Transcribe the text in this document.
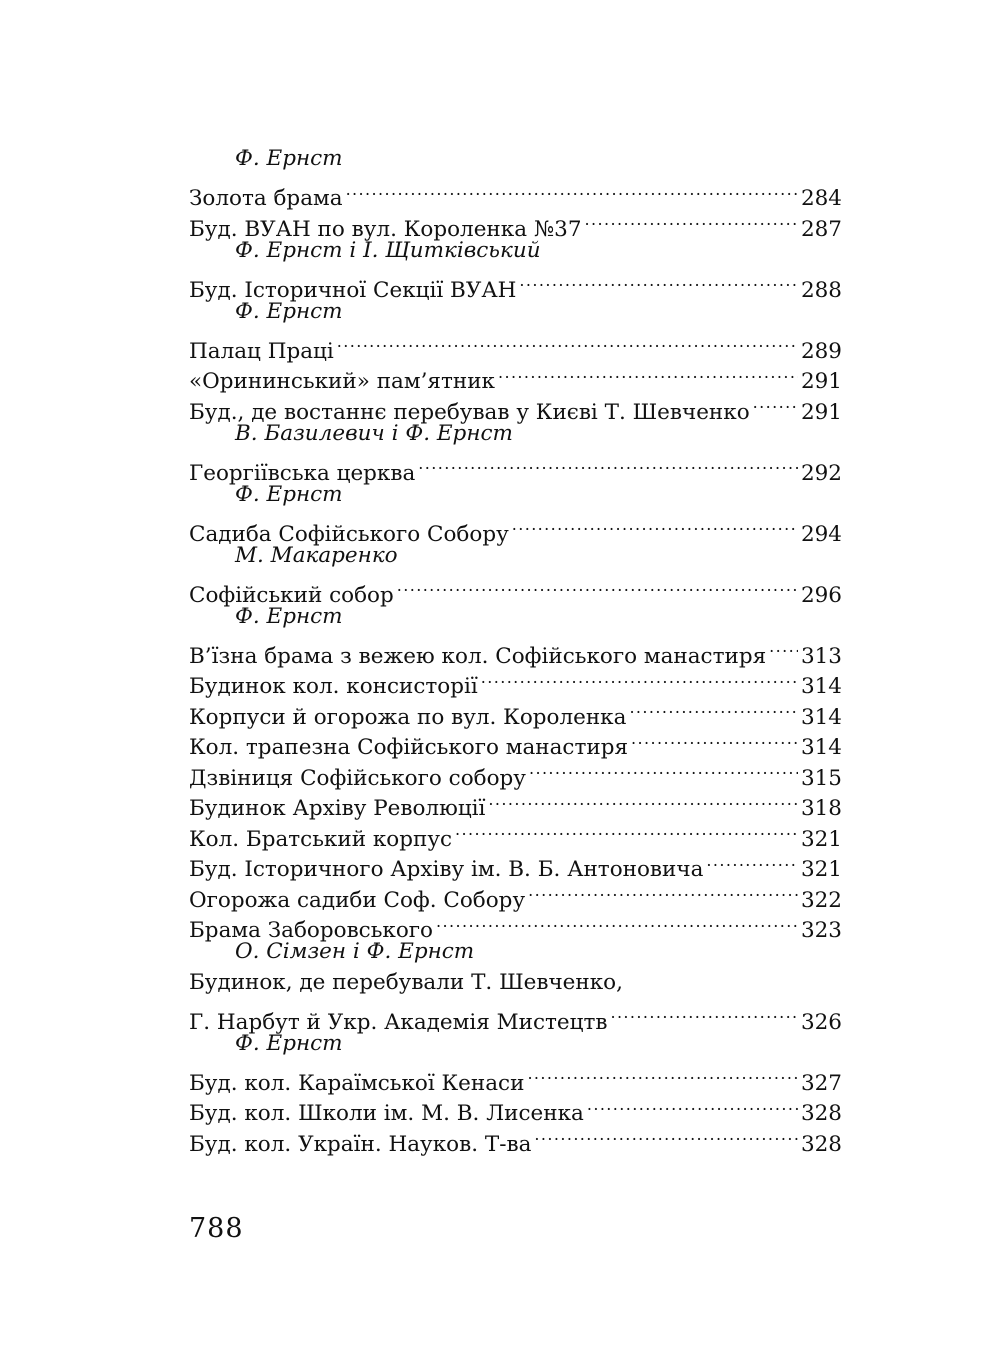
Ф. Ернст
Золота брама .....	284
Буд. ВУАН по вул. Короленка №37 .....	287
Ф. Ернст і І. Щитківський
Буд. Історичної Секції ВУАН .....	288
Ф. Ернст
Палац Праці .....	289
«Орининський» пам’ятник .....	291
Буд., де востаннє перебував у Києві Т. Шевченко ..... 291
В. Базилевич і Ф. Ернст
Георгіївська церква .....	292
Ф. Ернст
Садиба Софійського Собору .....	294
М. Макаренко
Софійський собор .....	296
Ф. Ернст
В’їзна брама з вежею кол. Софійського манастиря ..... 313
Будинок кол. консисторії .....	314
Корпуси й огорожа по вул. Короленка .....	314
Кол. трапезна Софійського манастиря .....	314
Дзвіниця Софійського собору .....	315
Будинок Архіву Революції .....	318
Кол. Братський корпус .....	321
Буд. Історичного Архіву ім. В. Б. Антоновича .....	321
Огорожа садиби Соф. Собору .....	322
Брама Заборовського .....	323
О. Сімзен і Ф. Ернст
Будинок, де перебували Т. Шевченко,
Г. Нарбут й Укр. Академія Мистецтв .....	326
Ф. Ернст
Буд. кол. Караїмської Кенаси .....	327
Буд. кол. Школи ім. М. В. Лисенка .....	328
Буд. кол. Україн. Науков. Т-ва .....	328
788
